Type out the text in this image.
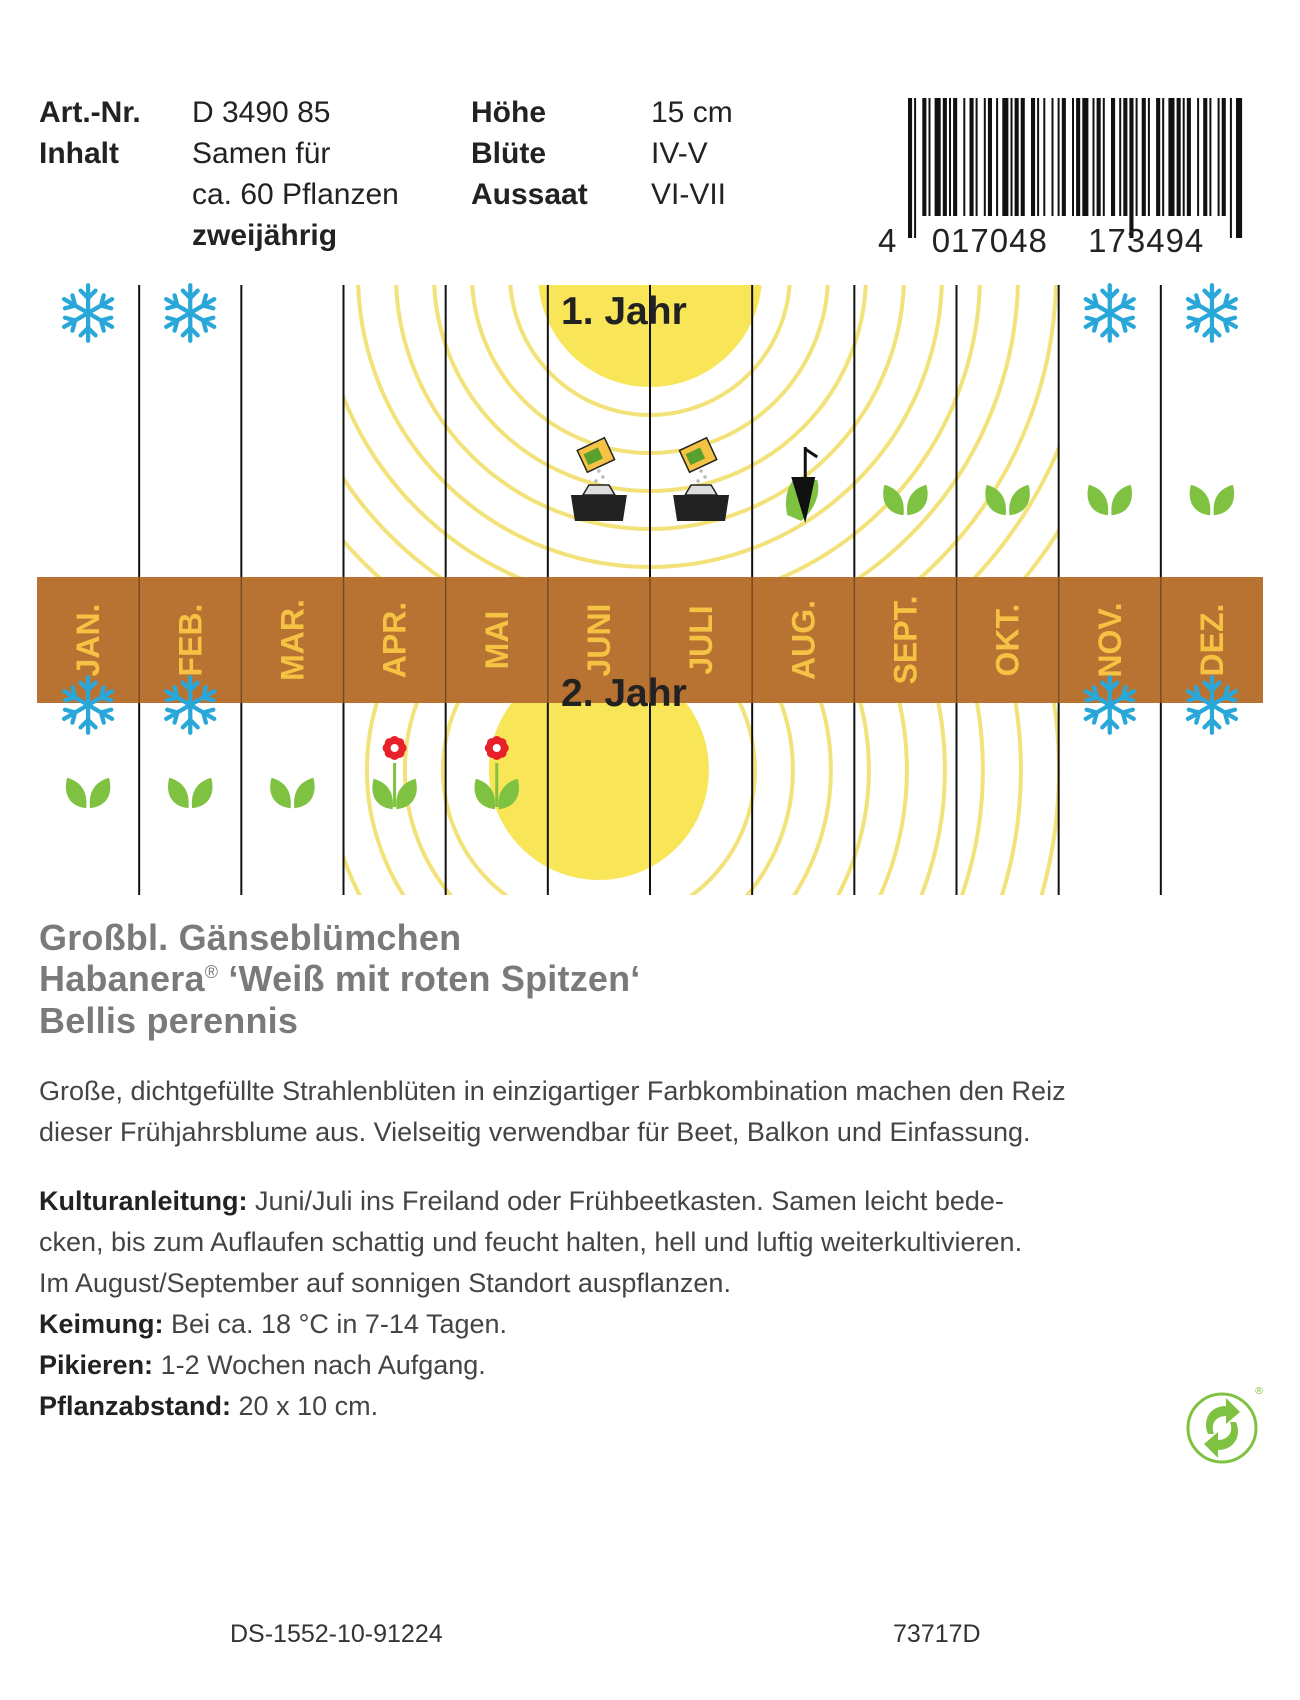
Art.-Nr.
Inhalt
D 3490 85
Samen für
ca. 60 Pflanzen
zweijährig
Höhe
Blüte
Aussaat
15 cm
IV-V
VI-VII
4 017048 173494
JAN. FEB. MAR. APR. MAI JUNI JULI AUG. SEPT. OKT. NOV. DEZ.
1. Jahr
2. Jahr
Großbl. Gänseblümchen
Habanera® ‘Weiß mit roten Spitzen‘
Bellis perennis
Große, dichtgefüllte Strahlenblüten in einzigartiger Farbkombination machen den Reiz
dieser Frühjahrsblume aus. Vielseitig verwendbar für Beet, Balkon und Einfassung.
Kulturanleitung: Juni/Juli ins Freiland oder Frühbeetkasten. Samen leicht bede-
cken, bis zum Auflaufen schattig und feucht halten, hell und luftig weiterkultivieren.
Im August/September auf sonnigen Standort auspflanzen.
Keimung: Bei ca. 18 °C in 7-14 Tagen.
Pikieren: 1-2 Wochen nach Aufgang.
Pflanzabstand: 20 x 10 cm.	®
DS-1552-10-91224	73717D
